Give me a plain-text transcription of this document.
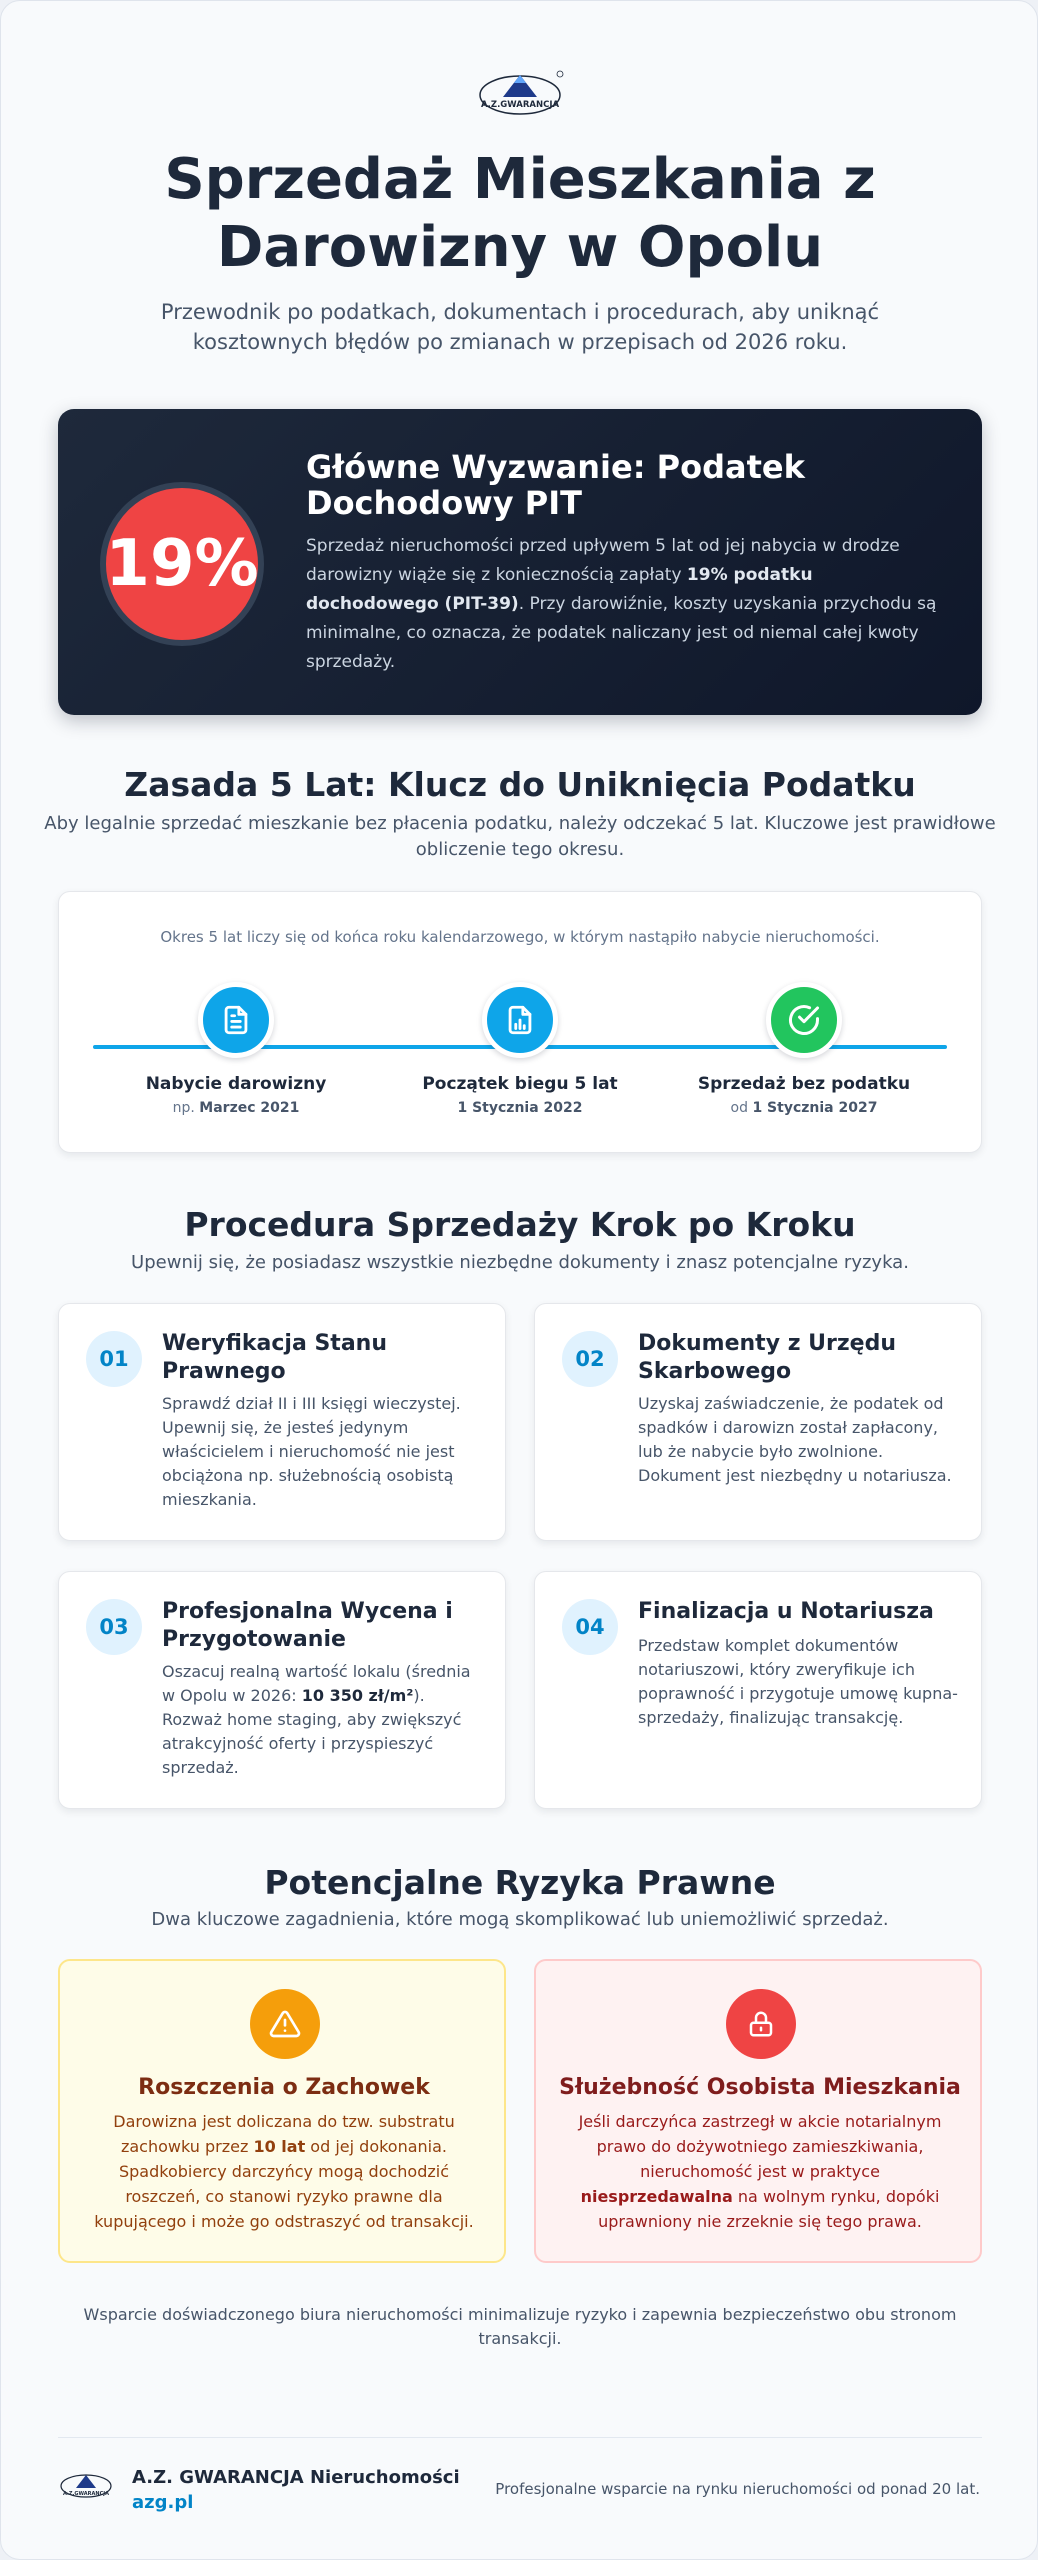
A.Z.GWARANCJA
Sprzedaż Mieszkania z
Darowizny w Opolu

Przewodnik po podatkach, dokumentach i procedurach, aby uniknąć kosztownych błędów po zmianach w przepisach od 2026 roku.

19%
Główne Wyzwanie: Podatek Dochodowy PIT

Sprzedaż nieruchomości przed upływem 5 lat od jej nabycia w drodze darowizny wiąże się z koniecznością zapłaty 19% podatku dochodowego (PIT-39). Przy darowiźnie, koszty uzyskania przychodu są minimalne, co oznacza, że podatek naliczany jest od niemal całej kwoty sprzedaży.

Zasada 5 Lat: Klucz do Uniknięcia Podatku

Aby legalnie sprzedać mieszkanie bez płacenia podatku, należy odczekać 5 lat. Kluczowe jest prawidłowe obliczenie tego okresu.

Okres 5 lat liczy się od końca roku kalendarzowego, w którym nastąpiło nabycie nieruchomości.

Nabycie darowizny
np. Marzec 2021
Początek biegu 5 lat
1 Stycznia 2022
Sprzedaż bez podatku
od 1 Stycznia 2027
Procedura Sprzedaży Krok po Kroku

Upewnij się, że posiadasz wszystkie niezbędne dokumenty i znasz potencjalne ryzyka.

01
Weryfikacja Stanu Prawnego

Sprawdź dział II i III księgi wieczystej. Upewnij się, że jesteś jedynym właścicielem i nieruchomość nie jest obciążona np. służebnością osobistą mieszkania.

02
Dokumenty z Urzędu Skarbowego

Uzyskaj zaświadczenie, że podatek od spadków i darowizn został zapłacony, lub że nabycie było zwolnione. Dokument jest niezbędny u notariusza.

03
Profesjonalna Wycena i Przygotowanie

Oszacuj realną wartość lokalu (średnia w Opolu w 2026: 10 350 zł/m²). Rozważ home staging, aby zwiększyć atrakcyjność oferty i przyspieszyć sprzedaż.

04
Finalizacja u Notariusza

Przedstaw komplet dokumentów notariuszowi, który zweryfikuje ich poprawność i przygotuje umowę kupna-sprzedaży, finalizując transakcję.

Potencjalne Ryzyka Prawne

Dwa kluczowe zagadnienia, które mogą skomplikować lub uniemożliwić sprzedaż.

Roszczenia o Zachowek

Darowizna jest doliczana do tzw. substratu zachowku przez 10 lat od jej dokonania. Spadkobiercy darczyńcy mogą dochodzić roszczeń, co stanowi ryzyko prawne dla kupującego i może go odstraszyć od transakcji.

Służebność Osobista Mieszkania

Jeśli darczyńca zastrzegł w akcie notarialnym prawo do dożywotniego zamieszkiwania, nieruchomość jest w praktyce niesprzedawalna na wolnym rynku, dopóki uprawniony nie zrzeknie się tego prawa.

Wsparcie doświadczonego biura nieruchomości minimalizuje ryzyko i zapewnia bezpieczeństwo obu stronom transakcji.

A.Z.GWARANCJA
A.Z. GWARANCJA Nieruchomości
azg.pl
Profesjonalne wsparcie na rynku nieruchomości od ponad 20 lat.
